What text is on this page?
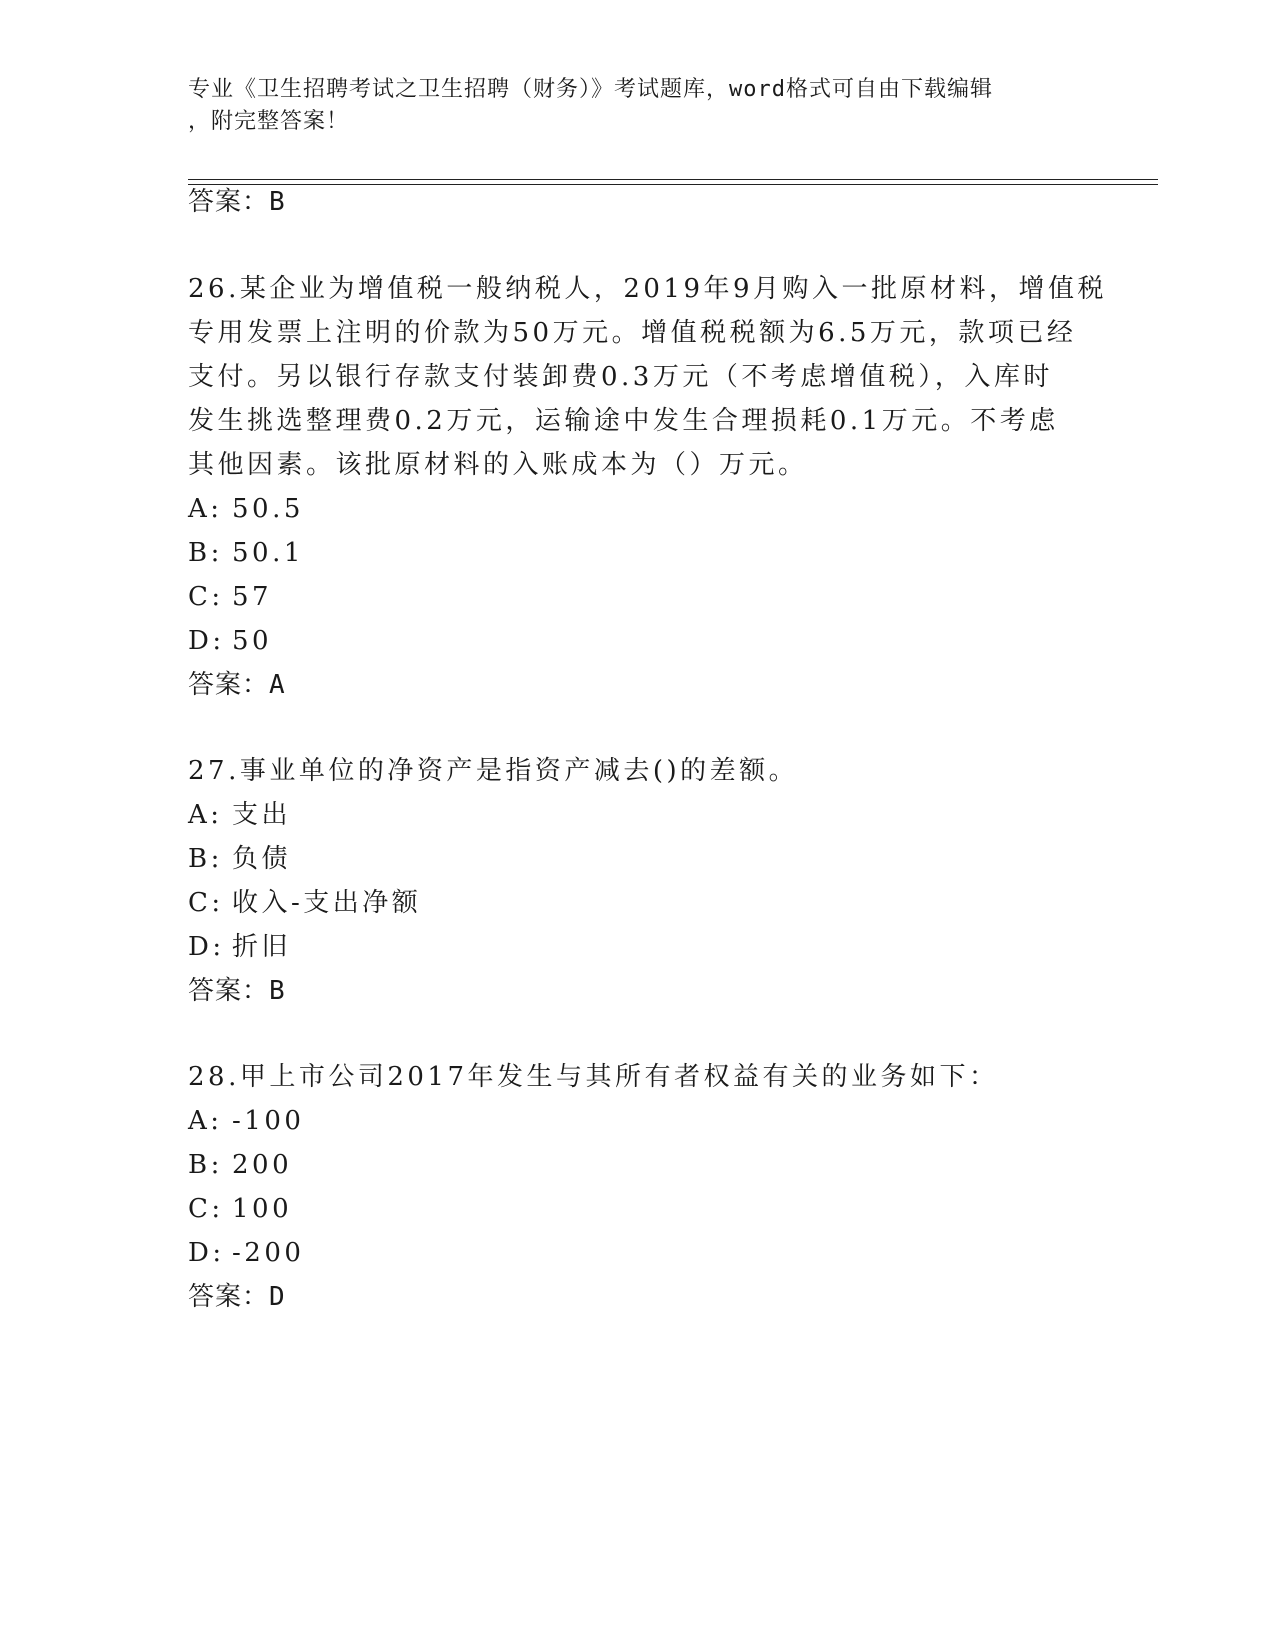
专业《卫生招聘考试之卫生招聘（财务）》考试题库，word格式可自由下载编辑
，附完整答案！
答案：B
26.某企业为增值税一般纳税人，2019年9月购入一批原材料，增值税
专用发票上注明的价款为50万元。增值税税额为6.5万元，款项已经
支付。另以银行存款支付装卸费0.3万元（不考虑增值税），入库时
发生挑选整理费0.2万元，运输途中发生合理损耗0.1万元。不考虑
其他因素。该批原材料的入账成本为（）万元。
A: 50.5
B: 50.1
C: 57
D: 50
答案：A
27.事业单位的净资产是指资产减去()的差额。
A: 支出
B: 负债
C: 收入-支出净额
D: 折旧
答案：B
28.甲上市公司2017年发生与其所有者权益有关的业务如下：
A: -100
B: 200
C: 100
D: -200
答案：D
